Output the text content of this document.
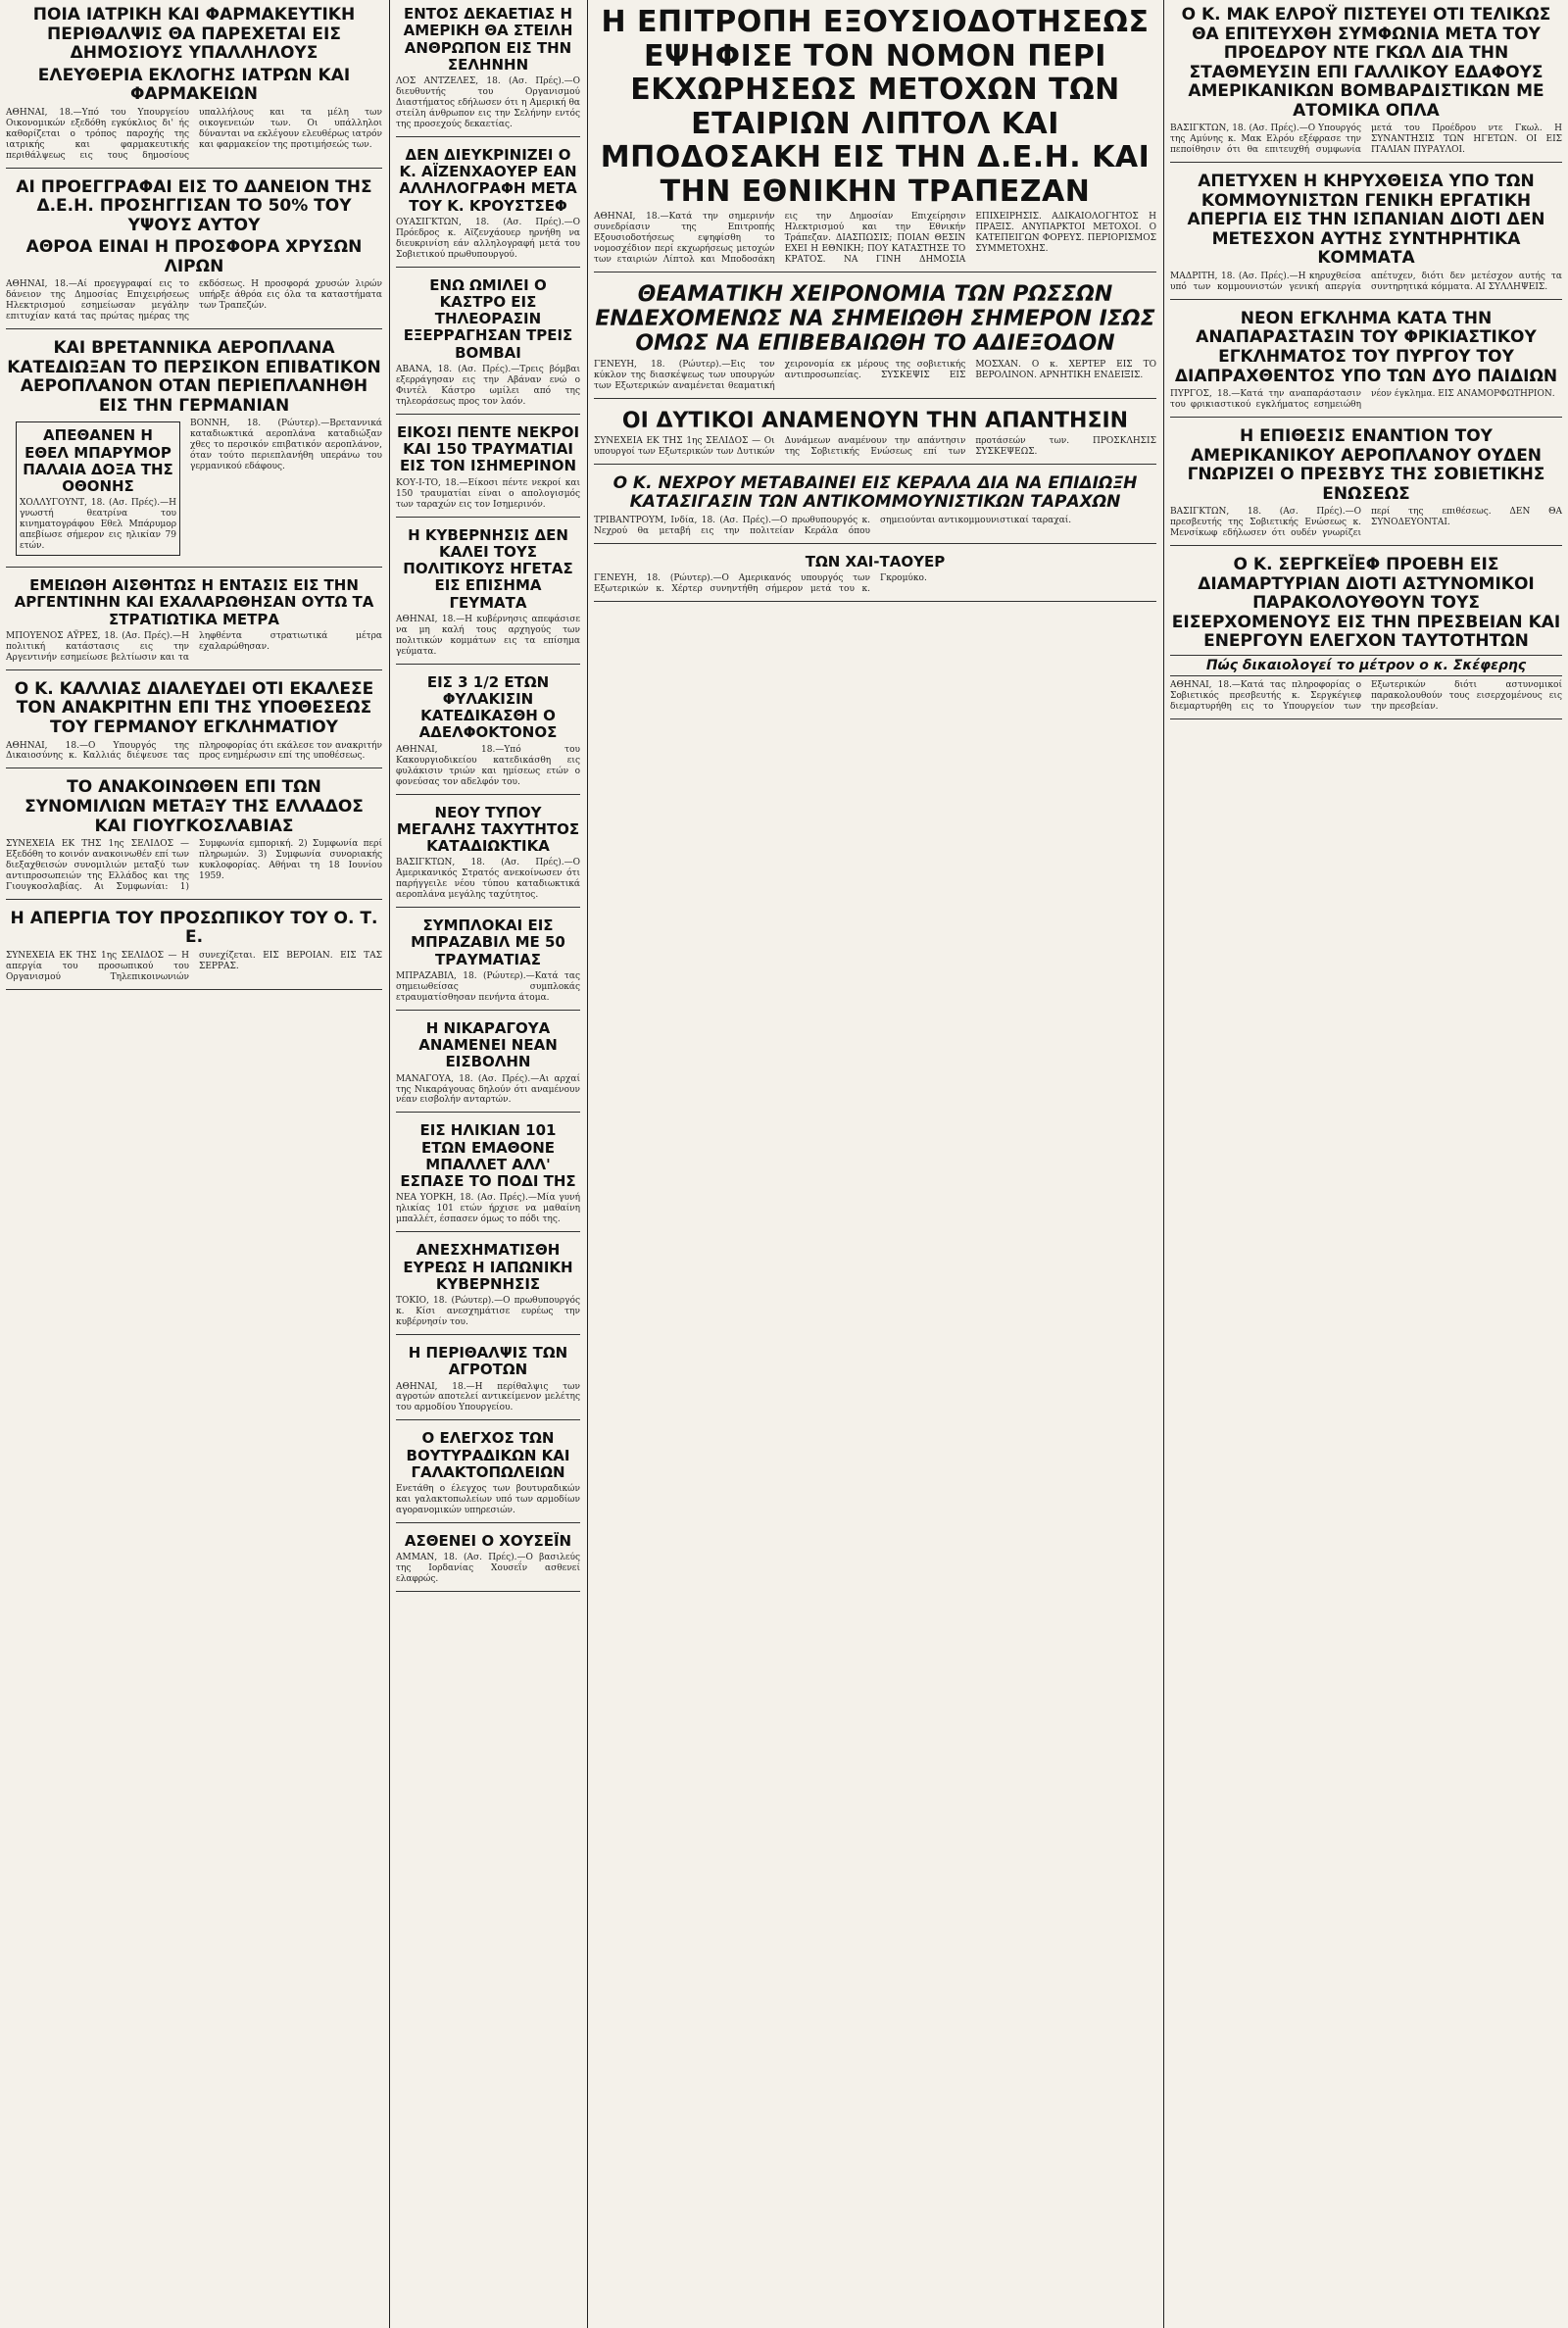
ΠΟΙΑ ΙΑΤΡΙΚΗ ΚΑΙ ΦΑΡΜΑΚΕΥΤΙΚΗ ΠΕΡΙΘΑΛΨΙΣ ΘΑ ΠΑΡΕΧΕΤΑΙ ΕΙΣ ΔΗΜΟΣΙΟΥΣ ΥΠΑΛΛΗΛΟΥΣ
ΕΛΕΥΘΕΡΙΑ ΕΚΛΟΓΗΣ ΙΑΤΡΩΝ ΚΑΙ ΦΑΡΜΑΚΕΙΩΝ
ΑΘΗΝΑΙ, 18.—Υπό του Υπουργείου Οικονομικών εξεδόθη εγκύκλιος δι' ής καθορίζεται ο τρόπος παροχής της ιατρικής και φαρμακευτικής περιθάλψεως εις τους δημοσίους υπαλλήλους και τα μέλη των οικογενειών των. Οι υπάλληλοι δύνανται να εκλέγουν ελευθέρως ιατρόν και φαρμακείον της προτιμήσεώς των.
ΑΙ ΠΡΟΕΓΓΡΑΦΑΙ ΕΙΣ ΤΟ ΔΑΝΕΙΟΝ ΤΗΣ Δ.Ε.Η. ΠΡΟΣΗΓΓΙΣΑΝ ΤΟ 50% ΤΟΥ ΥΨΟΥΣ ΑΥΤΟΥ
ΑΘΡΟΑ ΕΙΝΑΙ Η ΠΡΟΣΦΟΡΑ ΧΡΥΣΩΝ ΛΙΡΩΝ
ΑΘΗΝΑΙ, 18.—Αί προεγγραφαί εις το δάνειον της Δημοσίας Επιχειρήσεως Ηλεκτρισμού εσημείωσαν μεγάλην επιτυχίαν κατά τας πρώτας ημέρας της εκδόσεως. Η προσφορά χρυσών λιρών υπήρξε άθρόα εις όλα τα καταστήματα των Τραπεζών.
ΚΑΙ ΒΡΕΤΑΝΝΙΚΑ ΑΕΡΟΠΛΑΝΑ ΚΑΤΕΔΙΩΞΑΝ ΤΟ ΠΕΡΣΙΚΟΝ ΕΠΙΒΑΤΙΚΟΝ ΑΕΡΟΠΛΑΝΟΝ ΟΤΑΝ ΠΕΡΙΕΠΛΑΝΗΘΗ ΕΙΣ ΤΗΝ ΓΕΡΜΑΝΙΑΝ
ΑΠΕΘΑΝΕΝ Η ΕΘΕΛ ΜΠΑΡΥΜΟΡ ΠΑΛΑΙΑ ΔΟΞΑ ΤΗΣ ΟΘΟΝΗΣ
ΧΟΛΛΥΓΟΥΝΤ, 18. (Ασ. Πρές).—Η γνωστή θεατρίνα του κινηματογράφου Εθελ Μπάρυμορ απεβίωσε σήμερον εις ηλικίαν 79 ετών.
ΒΟΝΝΗ, 18. (Ρώυτερ).—Βρεταννικά καταδιωκτικά αεροπλάνα καταδιώξαν χθες το περσικόν επιβατικόν αεροπλάνον, όταν τούτο περιεπλανήθη υπεράνω του γερμανικού εδάφους.
ΕΜΕΙΩΘΗ ΑΙΣΘΗΤΩΣ Η ΕΝΤΑΣΙΣ ΕΙΣ ΤΗΝ ΑΡΓΕΝΤΙΝΗΝ ΚΑΙ ΕΧΑΛΑΡΩΘΗΣΑΝ ΟΥΤΩ ΤΑ ΣΤΡΑΤΙΩΤΙΚΑ ΜΕΤΡΑ
ΜΠΟΥΕΝΟΣ ΑΫΡΕΣ, 18. (Ασ. Πρές).—Η πολιτική κατάστασις εις την Αργεντινήν εσημείωσε βελτίωσιν και τα ληφθέντα στρατιωτικά μέτρα εχαλαρώθησαν.
Ο Κ. ΚΑΛΛΙΑΣ ΔΙΑΛΕΥΔΕΙ ΟΤΙ ΕΚΑΛΕΣΕ ΤΟΝ ΑΝΑΚΡΙΤΗΝ ΕΠΙ ΤΗΣ ΥΠΟΘΕΣΕΩΣ ΤΟΥ ΓΕΡΜΑΝΟΥ ΕΓΚΛΗΜΑΤΙΟΥ
ΑΘΗΝΑΙ, 18.—Ο Υπουργός της Δικαιοσύνης κ. Καλλιάς διέψευσε τας πληροφορίας ότι εκάλεσε τον ανακριτήν προς ενημέρωσιν επί της υποθέσεως.
ΤΟ ΑΝΑΚΟΙΝΩΘΕΝ ΕΠΙ ΤΩΝ ΣΥΝΟΜΙΛΙΩΝ ΜΕΤΑΞΥ ΤΗΣ ΕΛΛΑΔΟΣ ΚΑΙ ΓΙΟΥΓΚΟΣΛΑΒΙΑΣ
ΣΥΝΕΧΕΙΑ ΕΚ ΤΗΣ 1ης ΣΕΛΙΔΟΣ — Εξεδόθη το κοινόν ανακοινωθέν επί των διεξαχθεισών συνομιλιών μεταξύ των αντιπροσωπειών της Ελλάδος και της Γιουγκοσλαβίας. Αι Συμφωνίαι: 1) Συμφωνία εμπορική. 2) Συμφωνία περί πληρωμών. 3) Συμφωνία συνοριακής κυκλοφορίας. Αθήναι τη 18 Ιουνίου 1959.
Η ΑΠΕΡΓΙΑ ΤΟΥ ΠΡΟΣΩΠΙΚΟΥ ΤΟΥ Ο. Τ. Ε.
ΣΥΝΕΧΕΙΑ ΕΚ ΤΗΣ 1ης ΣΕΛΙΔΟΣ — Η απεργία του προσωπικού του Οργανισμού Τηλεπικοινωνιών συνεχίζεται. ΕΙΣ ΒΕΡΟΙΑΝ. ΕΙΣ ΤΑΣ ΣΕΡΡΑΣ.
ΕΝΤΟΣ ΔΕΚΑΕΤΙΑΣ Η ΑΜΕΡΙΚΗ ΘΑ ΣΤΕΙΛΗ ΑΝΘΡΩΠΟΝ ΕΙΣ ΤΗΝ ΣΕΛΗΝΗΝ
ΛΟΣ ΑΝΤΖΕΛΕΣ, 18. (Ασ. Πρές).—Ο διευθυντής του Οργανισμού Διαστήματος εδήλωσεν ότι η Αμερική θα στείλη άνθρωπον εις την Σελήνην εντός της προσεχούς δεκαετίας.
ΔΕΝ ΔΙΕΥΚΡΙΝΙΖΕΙ Ο Κ. ΑΪΖΕΝΧΑΟΥΕΡ ΕΑΝ ΑΛΛΗΛΟΓΡΑΦΗ ΜΕΤΑ ΤΟΥ Κ. ΚΡΟΥΣΤΣΕΦ
ΟΥΑΣΙΓΚΤΩΝ, 18. (Ασ. Πρές).—Ο Πρόεδρος κ. Αϊζενχάουερ ηρνήθη να διευκρινίση εάν αλληλογραφή μετά του Σοβιετικού πρωθυπουργού.
ΕΝΩ ΩΜΙΛΕΙ Ο ΚΑΣΤΡΟ ΕΙΣ ΤΗΛΕΟΡΑΣΙΝ ΕΞΕΡΡΑΓΗΣΑΝ ΤΡΕΙΣ ΒΟΜΒΑΙ
ΑΒΑΝΑ, 18. (Ασ. Πρές).—Τρεις βόμβαι εξερράγησαν εις την Αβάναν ενώ ο Φιντέλ Κάστρο ωμίλει από της τηλεοράσεως προς τον λαόν.
ΕΙΚΟΣΙ ΠΕΝΤΕ ΝΕΚΡΟΙ ΚΑΙ 150 ΤΡΑΥΜΑΤΙΑΙ ΕΙΣ ΤΟΝ ΙΣΗΜΕΡΙΝΟΝ
ΚΟΥ-Ι-ΤΟ, 18.—Είκοσι πέντε νεκροί και 150 τραυματίαι είναι ο απολογισμός των ταραχών εις τον Ισημερινόν.
Η ΚΥΒΕΡΝΗΣΙΣ ΔΕΝ ΚΑΛΕΙ ΤΟΥΣ ΠΟΛΙΤΙΚΟΥΣ ΗΓΕΤΑΣ ΕΙΣ ΕΠΙΣΗΜΑ ΓΕΥΜΑΤΑ
ΑΘΗΝΑΙ, 18.—Η κυβέρνησις απεφάσισε να μη καλή τους αρχηγούς των πολιτικών κομμάτων εις τα επίσημα γεύματα.
ΕΙΣ 3 1/2 ΕΤΩΝ ΦΥΛΑΚΙΣΙΝ ΚΑΤΕΔΙΚΑΣΘΗ Ο ΑΔΕΛΦΟΚΤΟΝΟΣ
ΑΘΗΝΑΙ, 18.—Υπό του Κακουργιοδικείου κατεδικάσθη εις φυλάκισιν τριών και ημίσεως ετών ο φονεύσας τον αδελφόν του.
ΝΕΟΥ ΤΥΠΟΥ ΜΕΓΑΛΗΣ ΤΑΧΥΤΗΤΟΣ ΚΑΤΑΔΙΩΚΤΙΚΑ
ΒΑΣΙΓΚΤΩΝ, 18. (Ασ. Πρές).—Ο Αμερικανικός Στρατός ανεκοίνωσεν ότι παρήγγειλε νέου τύπου καταδιωκτικά αεροπλάνα μεγάλης ταχύτητος.
ΣΥΜΠΛΟΚΑΙ ΕΙΣ ΜΠΡΑΖΑΒΙΛ ΜΕ 50 ΤΡΑΥΜΑΤΙΑΣ
ΜΠΡΑΖΑΒΙΛ, 18. (Ρώυτερ).—Κατά τας σημειωθείσας συμπλοκάς ετραυματίσθησαν πενήντα άτομα.
Η ΝΙΚΑΡΑΓΟΥΑ ΑΝΑΜΕΝΕΙ ΝΕΑΝ ΕΙΣΒΟΛΗΝ
ΜΑΝΑΓΟΥΑ, 18. (Ασ. Πρές).—Αι αρχαί της Νικαράγουας δηλούν ότι αναμένουν νέαν εισβολήν ανταρτών.
ΕΙΣ ΗΛΙΚΙΑΝ 101 ΕΤΩΝ ΕΜΑΘΟΝΕ ΜΠΑΛΛΕΤ ΑΛΛ' ΕΣΠΑΣΕ ΤΟ ΠΟΔΙ ΤΗΣ
ΝΕΑ ΥΟΡΚΗ, 18. (Ασ. Πρές).—Μία γυνή ηλικίας 101 ετών ήρχισε να μαθαίνη μπαλλέτ, έσπασεν όμως το πόδι της.
ΑΝΕΣΧΗΜΑΤΙΣΘΗ ΕΥΡΕΩΣ Η ΙΑΠΩΝΙΚΗ ΚΥΒΕΡΝΗΣΙΣ
ΤΟΚΙΟ, 18. (Ρώυτερ).—Ο πρωθυπουργός κ. Κίσι ανεσχημάτισε ευρέως την κυβέρνησίν του.
Η ΠΕΡΙΘΑΛΨΙΣ ΤΩΝ ΑΓΡΟΤΩΝ
ΑΘΗΝΑΙ, 18.—Η περίθαλψις των αγροτών αποτελεί αντικείμενον μελέτης του αρμοδίου Υπουργείου.
Ο ΕΛΕΓΧΟΣ ΤΩΝ ΒΟΥΤΥΡΑΔΙΚΩΝ ΚΑΙ ΓΑΛΑΚΤΟΠΩΛΕΙΩΝ
Ενετάθη ο έλεγχος των βουτυραδικών και γαλακτοπωλείων υπό των αρμοδίων αγορανομικών υπηρεσιών.
ΑΣΘΕΝΕΙ Ο ΧΟΥΣΕΪΝ
ΑΜΜΑΝ, 18. (Ασ. Πρές).—Ο βασιλεύς της Ιορδανίας Χουσεΐν ασθενεί ελαφρώς.
Η ΕΠΙΤΡΟΠΗ ΕΞΟΥΣΙΟΔΟΤΗΣΕΩΣ ΕΨΗΦΙΣΕ ΤΟΝ ΝΟΜΟΝ ΠΕΡΙ ΕΚΧΩΡΗΣΕΩΣ ΜΕΤΟΧΩΝ ΤΩΝ ΕΤΑΙΡΙΩΝ ΛΙΠΤΟΛ ΚΑΙ ΜΠΟΔΟΣΑΚΗ ΕΙΣ ΤΗΝ Δ.Ε.Η. ΚΑΙ ΤΗΝ ΕΘΝΙΚΗΝ ΤΡΑΠΕΖΑΝ
ΑΘΗΝΑΙ, 18.—Κατά την σημερινήν συνεδρίασιν της Επιτροπής Εξουσιοδοτήσεως εψηφίσθη το νομοσχέδιον περί εκχωρήσεως μετοχών των εταιριών Λίπτολ και Μποδοσάκη εις την Δημοσίαν Επιχείρησιν Ηλεκτρισμού και την Εθνικήν Τράπεζαν. ΔΙΑΣΠΩΣΙΣ; ΠΟΙΑΝ ΘΕΣΙΝ ΕΧΕΙ Η ΕΘΝΙΚΗ; ΠΟΥ ΚΑΤΑΣΤΗΣΕ ΤΟ ΚΡΑΤΟΣ. ΝΑ ΓΙΝΗ ΔΗΜΟΣΙΑ ΕΠΙΧΕΙΡΗΣΙΣ. ΑΔΙΚΑΙΟΛΟΓΗΤΟΣ Η ΠΡΑΞΙΣ. ΑΝΥΠΑΡΚΤΟΙ ΜΕΤΟΧΟΙ. Ο ΚΑΤΕΠΕΙΓΩΝ ΦΟΡΕΥΣ. ΠΕΡΙΟΡΙΣΜΟΣ ΣΥΜΜΕΤΟΧΗΣ.
ΘΕΑΜΑΤΙΚΗ ΧΕΙΡΟΝΟΜΙΑ ΤΩΝ ΡΩΣΣΩΝ ΕΝΔΕΧΟΜΕΝΩΣ ΝΑ ΣΗΜΕΙΩΘΗ ΣΗΜΕΡΟΝ ΙΣΩΣ ΟΜΩΣ ΝΑ ΕΠΙΒΕΒΑΙΩΘΗ ΤΟ ΑΔΙΕΞΟΔΟΝ
ΓΕΝΕΥΗ, 18. (Ρώυτερ).—Εις τον κύκλον της διασκέψεως των υπουργών των Εξωτερικών αναμένεται θεαματική χειρονομία εκ μέρους της σοβιετικής αντιπροσωπείας. ΣΥΣΚΕΨΙΣ ΕΙΣ ΜΟΣΧΑΝ. Ο κ. ΧΕΡΤΕΡ ΕΙΣ ΤΟ ΒΕΡΟΛΙΝΟΝ. ΑΡΝΗΤΙΚΗ ΕΝΔΕΙΞΙΣ.
ΟΙ ΔΥΤΙΚΟΙ ΑΝΑΜΕΝΟΥΝ ΤΗΝ ΑΠΑΝΤΗΣΙΝ
ΣΥΝΕΧΕΙΑ ΕΚ ΤΗΣ 1ης ΣΕΛΙΔΟΣ — Οι υπουργοί των Εξωτερικών των Δυτικών Δυνάμεων αναμένουν την απάντησιν της Σοβιετικής Ενώσεως επί των προτάσεών των. ΠΡΟΣΚΛΗΣΙΣ ΣΥΣΚΕΨΕΩΣ.
Ο Κ. ΝΕΧΡΟΥ ΜΕΤΑΒΑΙΝΕΙ ΕΙΣ ΚΕΡΑΛΑ ΔΙΑ ΝΑ ΕΠΙΔΙΩΞΗ ΚΑΤΑΣΙΓΑΣΙΝ ΤΩΝ ΑΝΤΙΚΟΜΜΟΥΝΙΣΤΙΚΩΝ ΤΑΡΑΧΩΝ
ΤΡΙΒΑΝΤΡΟΥΜ, Ινδία, 18. (Ασ. Πρές).—Ο πρωθυπουργός κ. Νεχρού θα μεταβή εις την πολιτείαν Κεράλα όπου σημειούνται αντικομμουνιστικαί ταραχαί.
ΤΩΝ ΧΑΙ-ΤΑΟΥΕΡ
ΓΕΝΕΥΗ, 18. (Ρώυτερ).—Ο Αμερικανός υπουργός των Εξωτερικών κ. Χέρτερ συνηντήθη σήμερον μετά του κ. Γκρομύκο.
Ο Κ. ΜΑΚ ΕΛΡΟΫ ΠΙΣΤΕΥΕΙ ΟΤΙ ΤΕΛΙΚΩΣ ΘΑ ΕΠΙΤΕΥΧΘΗ ΣΥΜΦΩΝΙΑ ΜΕΤΑ ΤΟΥ ΠΡΟΕΔΡΟΥ ΝΤΕ ΓΚΩΛ ΔΙΑ ΤΗΝ ΣΤΑΘΜΕΥΣΙΝ ΕΠΙ ΓΑΛΛΙΚΟΥ ΕΔΑΦΟΥΣ ΑΜΕΡΙΚΑΝΙΚΩΝ ΒΟΜΒΑΡΔΙΣΤΙΚΩΝ ΜΕ ΑΤΟΜΙΚΑ ΟΠΛΑ
ΒΑΣΙΓΚΤΩΝ, 18. (Ασ. Πρές).—Ο Υπουργός της Αμύνης κ. Μακ Ελρόυ εξέφρασε την πεποίθησιν ότι θα επιτευχθή συμφωνία μετά του Προέδρου ντε Γκωλ. Η ΣΥΝΑΝΤΗΣΙΣ ΤΩΝ ΗΓΕΤΩΝ. ΟΙ ΕΙΣ ΙΤΑΛΙΑΝ ΠΥΡΑΥΛΟΙ.
ΑΠΕΤΥΧΕΝ Η ΚΗΡΥΧΘΕΙΣΑ ΥΠΟ ΤΩΝ ΚΟΜΜΟΥΝΙΣΤΩΝ ΓΕΝΙΚΗ ΕΡΓΑΤΙΚΗ ΑΠΕΡΓΙΑ ΕΙΣ ΤΗΝ ΙΣΠΑΝΙΑΝ ΔΙΟΤΙ ΔΕΝ ΜΕΤΕΣΧΟΝ ΑΥΤΗΣ ΣΥΝΤΗΡΗΤΙΚΑ ΚΟΜΜΑΤΑ
ΜΑΔΡΙΤΗ, 18. (Ασ. Πρές).—Η κηρυχθείσα υπό των κομμουνιστών γενική απεργία απέτυχεν, διότι δεν μετέσχον αυτής τα συντηρητικά κόμματα. ΑΙ ΣΥΛΛΗΨΕΙΣ.
ΝΕΟΝ ΕΓΚΛΗΜΑ ΚΑΤΑ ΤΗΝ ΑΝΑΠΑΡΑΣΤΑΣΙΝ ΤΟΥ ΦΡΙΚΙΑΣΤΙΚΟΥ ΕΓΚΛΗΜΑΤΟΣ ΤΟΥ ΠΥΡΓΟΥ ΤΟΥ ΔΙΑΠΡΑΧΘΕΝΤΟΣ ΥΠΟ ΤΩΝ ΔΥΟ ΠΑΙΔΙΩΝ
ΠΥΡΓΟΣ, 18.—Κατά την αναπαράστασιν του φρικιαστικού εγκλήματος εσημειώθη νέον έγκλημα. ΕΙΣ ΑΝΑΜΟΡΦΩΤΗΡΙΟΝ.
Η ΕΠΙΘΕΣΙΣ ΕΝΑΝΤΙΟΝ ΤΟΥ ΑΜΕΡΙΚΑΝΙΚΟΥ ΑΕΡΟΠΛΑΝΟΥ ΟΥΔΕΝ ΓΝΩΡΙΖΕΙ Ο ΠΡΕΣΒΥΣ ΤΗΣ ΣΟΒΙΕΤΙΚΗΣ ΕΝΩΣΕΩΣ
ΒΑΣΙΓΚΤΩΝ, 18. (Ασ. Πρές).—Ο πρεσβευτής της Σοβιετικής Ενώσεως κ. Μενσίκωφ εδήλωσεν ότι ουδέν γνωρίζει περί της επιθέσεως. ΔΕΝ ΘΑ ΣΥΝΟΔΕΥΟΝΤΑΙ.
Ο Κ. ΣΕΡΓΚΕΪΕΦ ΠΡΟΕΒΗ ΕΙΣ ΔΙΑΜΑΡΤΥΡΙΑΝ ΔΙΟΤΙ ΑΣΤΥΝΟΜΙΚΟΙ ΠΑΡΑΚΟΛΟΥΘΟΥΝ ΤΟΥΣ ΕΙΣΕΡΧΟΜΕΝΟΥΣ ΕΙΣ ΤΗΝ ΠΡΕΣΒΕΙΑΝ ΚΑΙ ΕΝΕΡΓΟΥΝ ΕΛΕΓΧΟΝ ΤΑΥΤΟΤΗΤΩΝ
Πώς δικαιολογεί το μέτρον ο κ. Σκέφερης
ΑΘΗΝΑΙ, 18.—Κατά τας πληροφορίας ο Σοβιετικός πρεσβευτής κ. Σεργκέγιεφ διεμαρτυρήθη εις το Υπουργείον των Εξωτερικών διότι αστυνομικοί παρακολουθούν τους εισερχομένους εις την πρεσβείαν.
